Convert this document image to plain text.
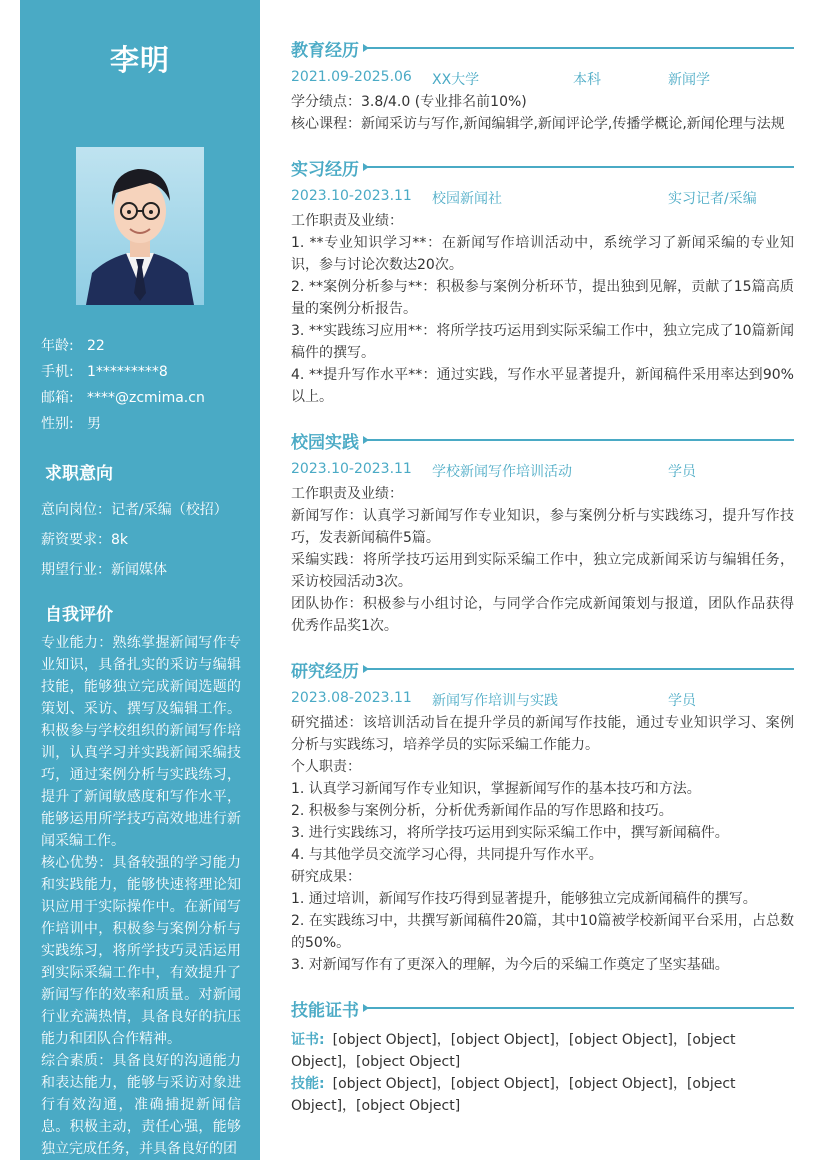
李明
年龄: 22
手机: 1*********8
邮箱: ****@zcmima.cn
性别: 男
求职意向
意向岗位：记者/采编（校招）
薪资要求：8k
期望行业：新闻媒体
自我评价

专业能力：熟练掌握新闻写作专业知识，具备扎实的采访与编辑技能，能够独立完成新闻选题的策划、采访、撰写及编辑工作。积极参与学校组织的新闻写作培训，认真学习并实践新闻采编技巧，通过案例分析与实践练习，提升了新闻敏感度和写作水平，能够运用所学技巧高效地进行新闻采编工作。

核心优势：具备较强的学习能力和实践能力，能够快速将理论知识应用于实际操作中。在新闻写作培训中，积极参与案例分析与实践练习，将所学技巧灵活运用到实际采编工作中，有效提升了新闻写作的效率和质量。对新闻行业充满热情，具备良好的抗压能力和团队合作精神。

综合素质：具备良好的沟通能力和表达能力，能够与采访对象进行有效沟通，准确捕捉新闻信息。积极主动，责任心强，能够独立完成任务，并具备良好的团

教育经历
2021.09-2025.06 XX大学	本科	新闻学

学分绩点：3.8/4.0 (专业排名前10%)

核心课程：新闻采访与写作,新闻编辑学,新闻评论学,传播学概论,新闻伦理与法规

实习经历
2023.10-2023.11 校园新闻社	实习记者/采编

工作职责及业绩：

1. **专业知识学习**：在新闻写作培训活动中，系统学习了新闻采编的专业知识，参与讨论次数达20次。

2. **案例分析参与**：积极参与案例分析环节，提出独到见解，贡献了15篇高质量的案例分析报告。

3. **实践练习应用**：将所学技巧运用到实际采编工作中，独立完成了10篇新闻稿件的撰写。

4. **提升写作水平**：通过实践，写作水平显著提升，新闻稿件采用率达到90%以上。

校园实践
2023.10-2023.11 学校新闻写作培训活动	学员

工作职责及业绩：

新闻写作：认真学习新闻写作专业知识，参与案例分析与实践练习，提升写作技巧，发表新闻稿件5篇。

采编实践：将所学技巧运用到实际采编工作中，独立完成新闻采访与编辑任务，采访校园活动3次。

团队协作：积极参与小组讨论，与同学合作完成新闻策划与报道，团队作品获得优秀作品奖1次。

研究经历
2023.08-2023.11 新闻写作培训与实践	学员

研究描述：该培训活动旨在提升学员的新闻写作技能，通过专业知识学习、案例分析与实践练习，培养学员的实际采编工作能力。

个人职责：

1. 认真学习新闻写作专业知识，掌握新闻写作的基本技巧和方法。

2. 积极参与案例分析，分析优秀新闻作品的写作思路和技巧。

3. 进行实践练习，将所学技巧运用到实际采编工作中，撰写新闻稿件。

4. 与其他学员交流学习心得，共同提升写作水平。

研究成果：

1. 通过培训，新闻写作技巧得到显著提升，能够独立完成新闻稿件的撰写。

2. 在实践练习中，共撰写新闻稿件20篇，其中10篇被学校新闻平台采用，占总数的50%。

3. 对新闻写作有了更深入的理解，为今后的采编工作奠定了坚实基础。

技能证书
证书: [object Object]，[object Object]，[object Object]，[object Object]，[object Object]
技能: [object Object]，[object Object]，[object Object]，[object Object]，[object Object]
